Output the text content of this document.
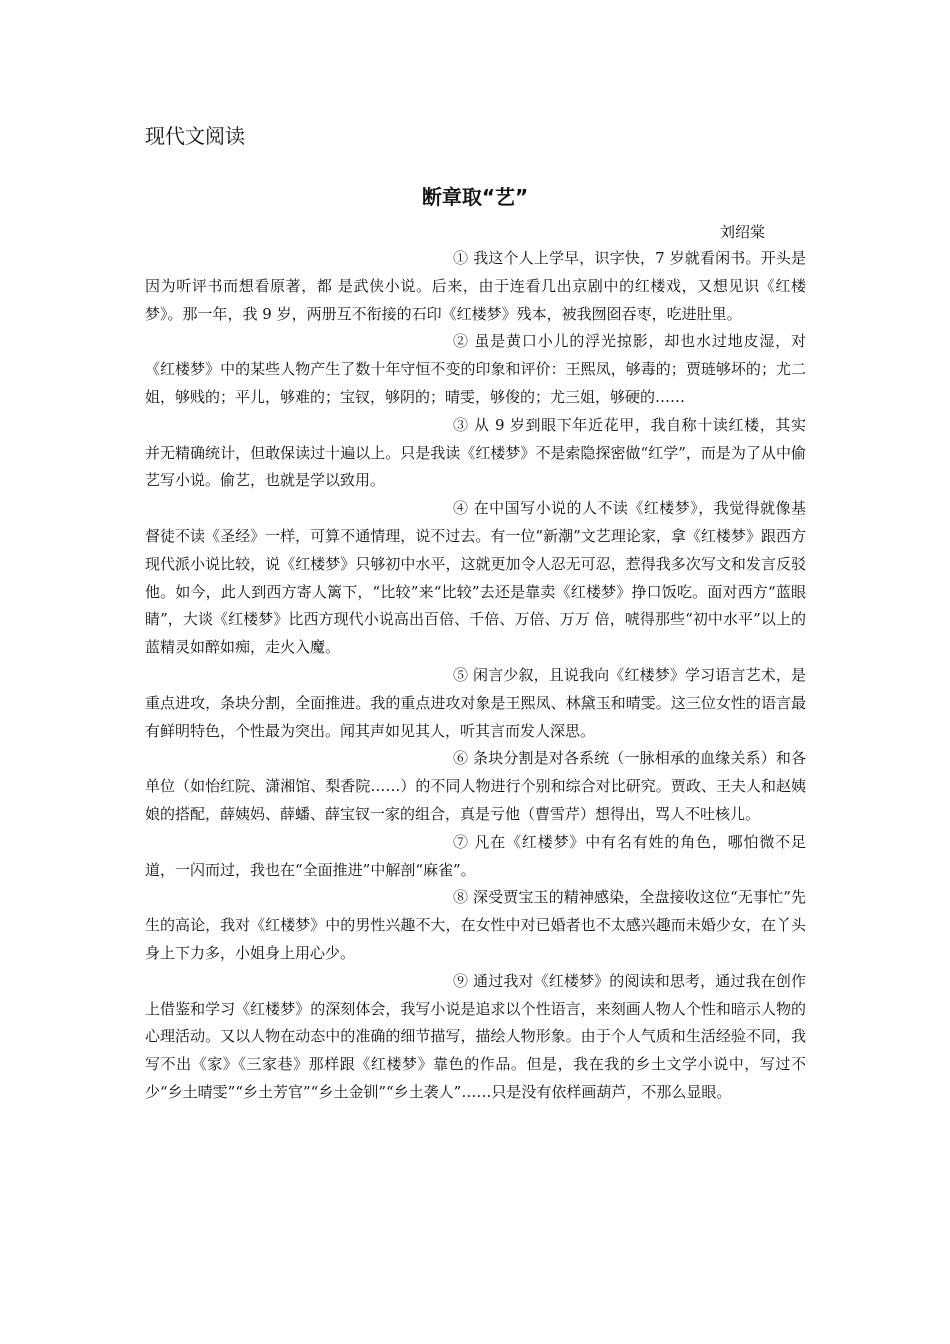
现代文阅读
断章取“艺”
刘绍棠

① 我这个人上学早，识字快，7 岁就看闲书。开头是因为听评书而想看原著，都 是武侠小说。后来，由于连看几出京剧中的红楼戏，又想见识《红楼梦》。那一年，我 9 岁，两册互不衔接的石印《红楼梦》残本，被我囫囵吞枣，吃进肚里。

② 虽是黄口小儿的浮光掠影，却也水过地皮湿，对《红楼梦》中的某些人物产生了数十年守恒不变的印象和评价：王熙凤，够毒的；贾琏够坏的；尤二姐，够贱的；平儿，够难的；宝钗，够阴的；晴雯，够俊的；尤三姐，够硬的……

③ 从 9 岁到眼下年近花甲，我自称十读红楼，其实并无精确统计，但敢保读过十遍以上。只是我读《红楼梦》不是索隐探密做“红学”，而是为了从中偷艺写小说。偷艺，也就是学以致用。

④ 在中国写小说的人不读《红楼梦》，我觉得就像基督徒不读《圣经》一样，可算不通情理，说不过去。有一位“新潮”文艺理论家，拿《红楼梦》跟西方现代派小说比较，说《红楼梦》只够初中水平，这就更加令人忍无可忍，惹得我多次写文和发言反驳他。如今，此人到西方寄人篱下，“比较”来“比较”去还是靠卖《红楼梦》挣口饭吃。面对西方“蓝眼睛”，大谈《红楼梦》比西方现代小说高出百倍、千倍、万倍、万万 倍，唬得那些“初中水平”以上的蓝精灵如醉如痴，走火入魔。

⑤ 闲言少叙，且说我向《红楼梦》学习语言艺术，是重点进攻，条块分割，全面推进。我的重点进攻对象是王熙凤、林黛玉和晴雯。这三位女性的语言最有鲜明特色，个性最为突出。闻其声如见其人，听其言而发人深思。

⑥ 条块分割是对各系统（一脉相承的血缘关系）和各单位（如怡红院、潇湘馆、梨香院……）的不同人物进行个别和综合对比研究。贾政、王夫人和赵姨娘的搭配，薛姨妈、薛蟠、薛宝钗一家的组合，真是亏他（曹雪芹）想得出，骂人不吐核儿。

⑦ 凡在《红楼梦》中有名有姓的角色，哪怕微不足道，一闪而过，我也在“全面推进”中解剖“麻雀”。

⑧ 深受贾宝玉的精神感染，全盘接收这位“无事忙”先生的高论，我对《红楼梦》中的男性兴趣不大，在女性中对已婚者也不太感兴趣而未婚少女，在丫头身上下力多，小姐身上用心少。

⑨ 通过我对《红楼梦》的阅读和思考，通过我在创作上借鉴和学习《红楼梦》的深刻体会，我写小说是追求以个性语言，来刻画人物人个性和暗示人物的心理活动。又以人物在动态中的准确的细节描写，描绘人物形象。由于个人气质和生活经验不同，我写不出《家》《三家巷》那样跟《红楼梦》靠色的作品。但是，我在我的乡土文学小说中，写过不少“乡土晴雯”“乡土芳官”“乡土金钏”“乡土袭人”……只是没有依样画葫芦，不那么显眼。
